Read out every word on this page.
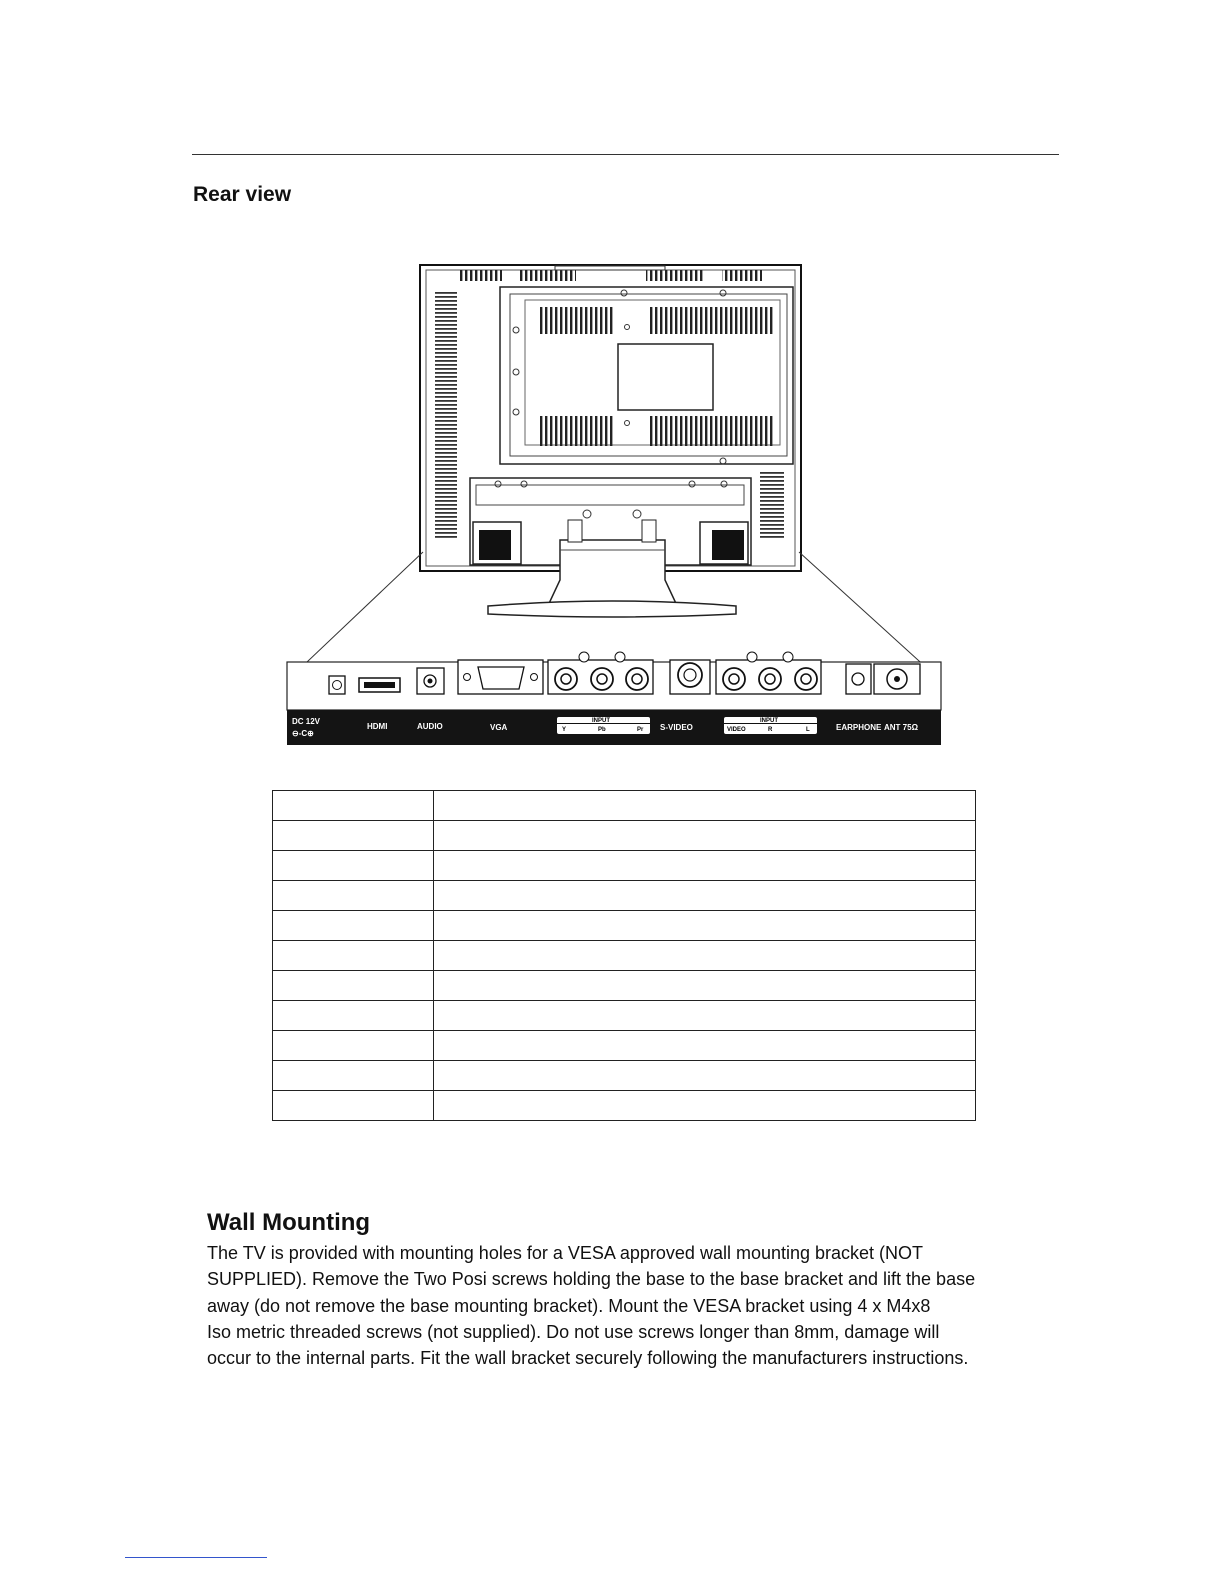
Rear view
DC 12V
⊖-C⊕
HDMI	AUDIO	VGA
INPUT
Y	Pb	Pr S-VIDEO
INPUT
VIDEO	R	L	EARPHONE ANT 75Ω

Wall Mounting

The TV is provided with mounting holes for a VESA approved wall mounting bracket (NOT

SUPPLIED). Remove the Two Posi screws holding the base to the base bracket and lift the base

away (do not remove the base mounting bracket). Mount the VESA bracket using 4 x M4x8

Iso metric threaded screws (not supplied). Do not use screws longer than 8mm, damage will

occur to the internal parts. Fit the wall bracket securely following the manufacturers instructions.
